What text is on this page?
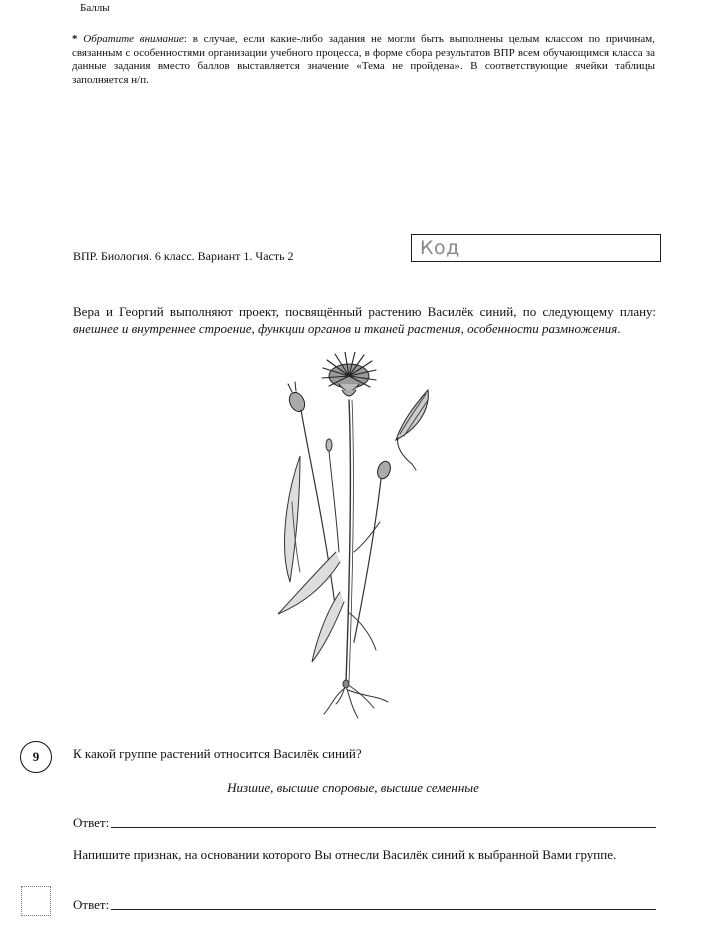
Баллы
* Обратите внимание: в случае, если какие-либо задания не могли быть выполнены целым классом по причинам, связанным с особенностями организации учебного процесса, в форме сбора результатов ВПР всем обучающимся класса за данные задания вместо баллов выставляется значение «Тема не пройдена». В соответствующие ячейки таблицы заполняется н/п.
ВПР. Биология. 6 класс. Вариант 1. Часть 2	Код
Вера и Георгий выполняют проект, посвящённый растению Василёк синий, по следующему плану: внешнее и внутреннее строение, функции органов и тканей растения, особенности размножения.
9	К какой группе растений относится Василёк синий?
Низшие, высшие споровые, высшие семенные
Ответ:
Напишите признак, на основании которого Вы отнесли Василёк синий к выбранной Вами группе.
Ответ:
